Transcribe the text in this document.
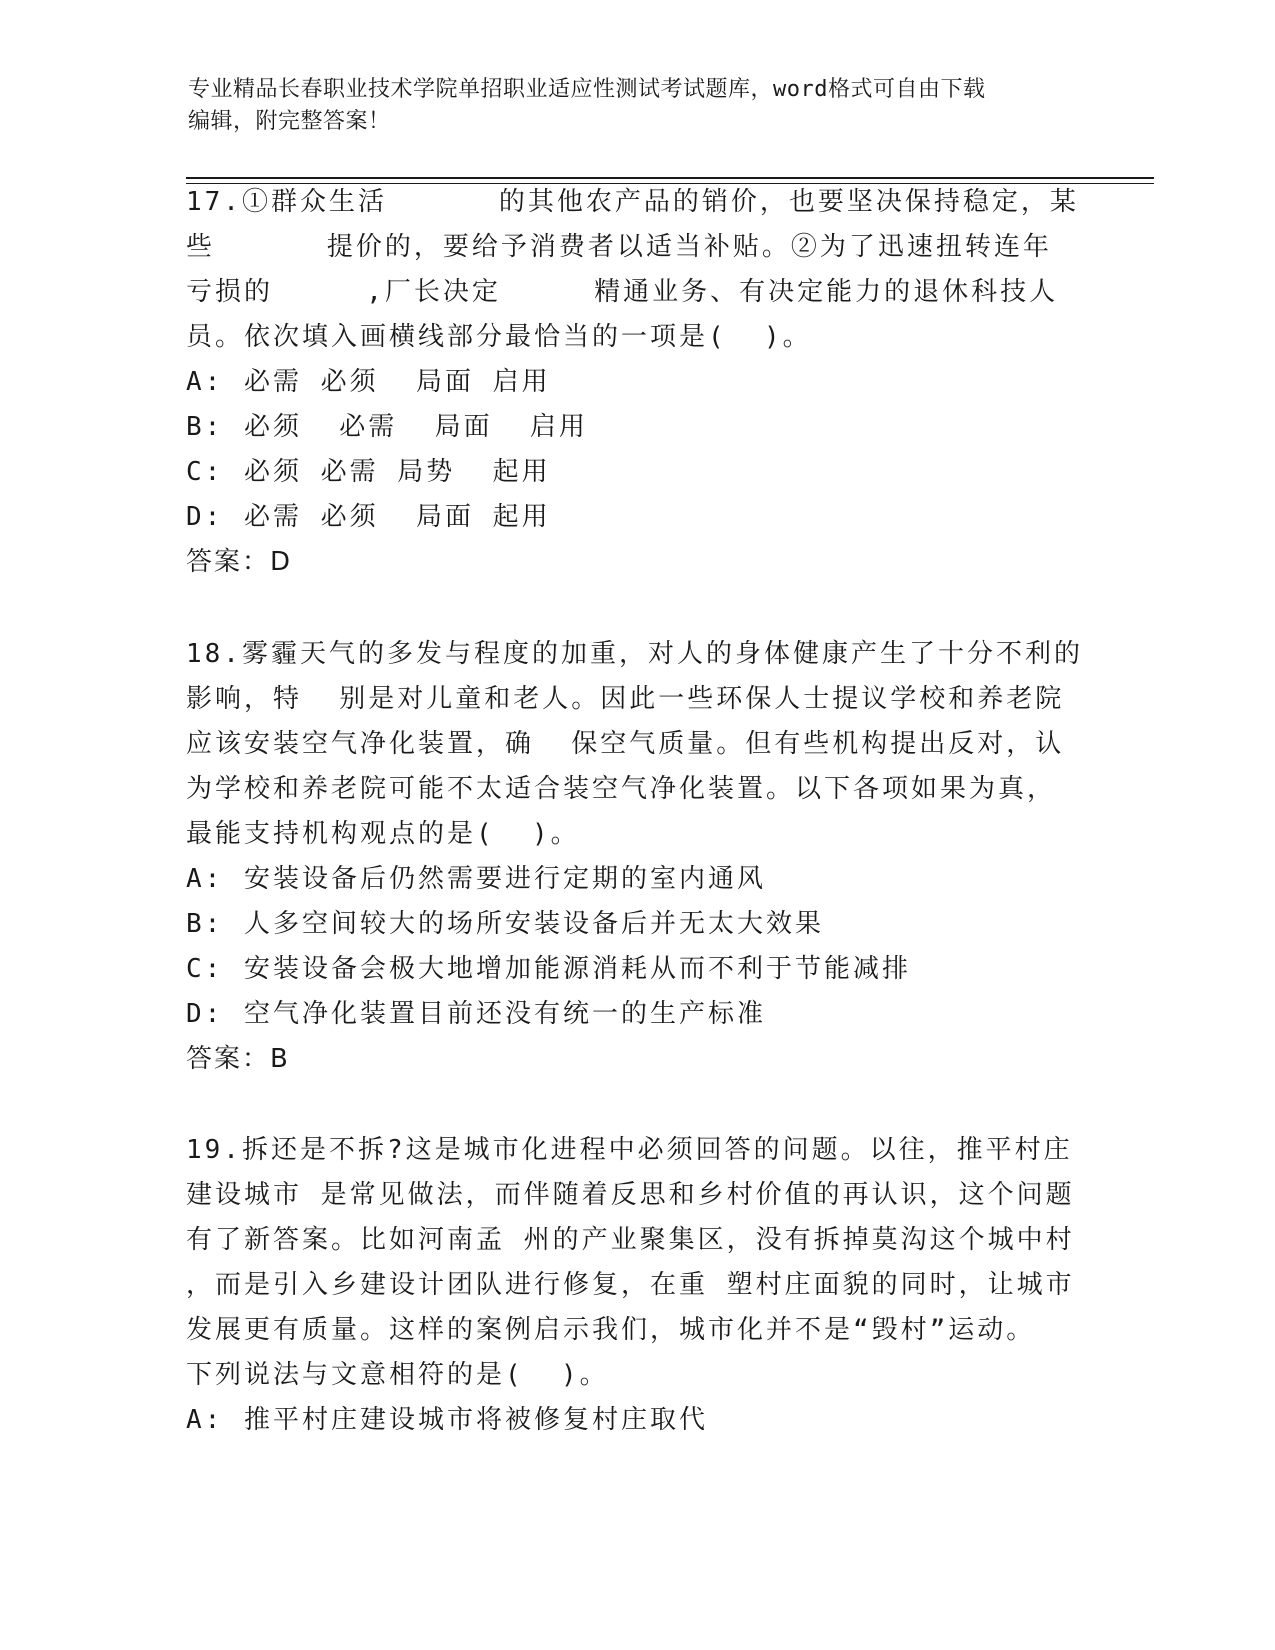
专业精品长春职业技术学院单招职业适应性测试考试题库，word格式可自由下载
编辑，附完整答案！
17.①群众生活      的其他农产品的销价，也要坚决保持稳定，某
些      提价的，要给予消费者以适当补贴。②为了迅速扭转连年
亏损的     ,厂长决定     精通业务、有决定能力的退休科技人
员。依次填入画横线部分最恰当的一项是(  )。
A: 必需 必须  局面 启用
B: 必须  必需  局面  启用
C: 必须 必需 局势  起用
D: 必需 必须  局面 起用
答案：D
18.雾霾天气的多发与程度的加重，对人的身体健康产生了十分不利的
影响，特  别是对儿童和老人。因此一些环保人士提议学校和养老院
应该安装空气净化装置，确  保空气质量。但有些机构提出反对，认
为学校和养老院可能不太适合装空气净化装置。以下各项如果为真，
最能支持机构观点的是(  )。
A: 安装设备后仍然需要进行定期的室内通风
B: 人多空间较大的场所安装设备后并无太大效果
C: 安装设备会极大地增加能源消耗从而不利于节能减排
D: 空气净化装置目前还没有统一的生产标准
答案：B
19.拆还是不拆?这是城市化进程中必须回答的问题。以往，推平村庄
建设城市 是常见做法，而伴随着反思和乡村价值的再认识，这个问题
有了新答案。比如河南孟 州的产业聚集区，没有拆掉莫沟这个城中村
，而是引入乡建设计团队进行修复，在重 塑村庄面貌的同时，让城市
发展更有质量。这样的案例启示我们，城市化并不是“毁村”运动。
下列说法与文意相符的是(  )。
A: 推平村庄建设城市将被修复村庄取代
